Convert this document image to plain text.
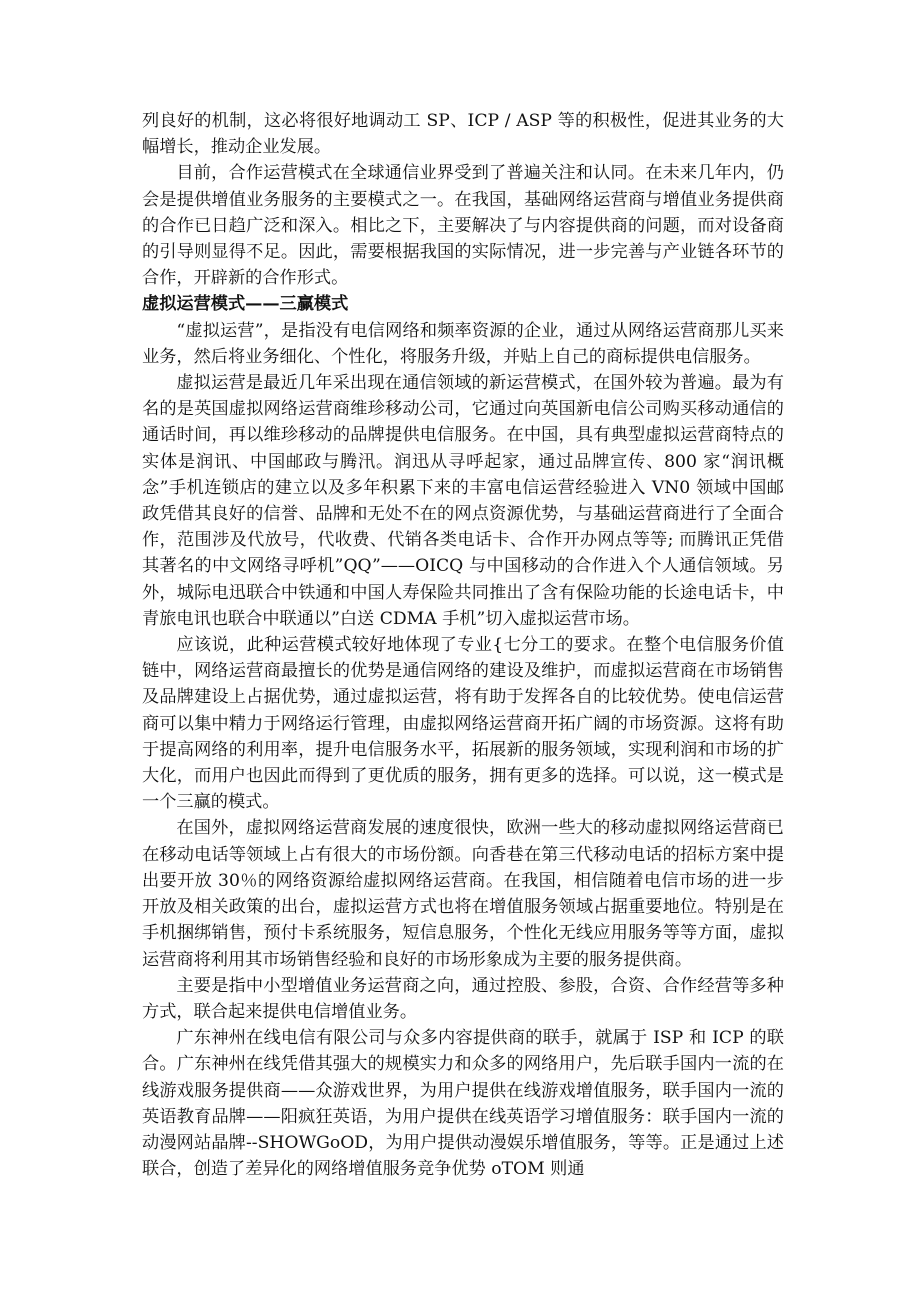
列良好的机制，这必将很好地调动工 SP、ICP / ASP 等的积极性，促进其业务的大幅增长，推动企业发展。

目前，合作运营模式在全球通信业界受到了普遍关注和认同。在未来几年内，仍会是提供增值业务服务的主要模式之一。在我国，基础网络运营商与增值业务提供商的合作已日趋广泛和深入。相比之下，主要解决了与内容提供商的问题，而对设备商的引导则显得不足。因此，需要根据我国的实际情况，进一步完善与产业链各环节的合作，开辟新的合作形式。

虚拟运营模式——三赢模式

“虚拟运营”，是指没有电信网络和频率资源的企业，通过从网络运营商那儿买来业务，然后将业务细化、个性化，将服务升级，并贴上自己的商标提供电信服务。

虚拟运营是最近几年采出现在通信领域的新运营模式，在国外较为普遍。最为有名的是英国虚拟网络运营商维珍移动公司，它通过向英国新电信公司购买移动通信的通话时间，再以维珍移动的品牌提供电信服务。在中国，具有典型虚拟运营商特点的实体是润讯、中国邮政与腾汛。润迅从寻呼起家，通过品牌宣传、800 家“润讯概念”手机连锁店的建立以及多年积累下来的丰富电信运营经验进入 VN0 领域中国邮政凭借其良好的信誉、品牌和无处不在的网点资源优势，与基础运营商进行了全面合作，范围涉及代放号，代收费、代销各类电话卡、合作开办网点等等; 而腾讯正凭借其著名的中文网络寻呼机”QQ”——OICQ 与中国移动的合作进入个人通信领域。另外，城际电迅联合中铁通和中国人寿保险共同推出了含有保险功能的长途电话卡，中青旅电讯也联合中联通以”白送 CDMA 手机”切入虚拟运营市场。

应该说，此种运营模式较好地体现了专业{七分工的要求。在整个电信服务价值链中，网络运营商最擅长的优势是通信网络的建设及维护，而虚拟运营商在市场销售及品牌建设上占据优势，通过虚拟运营，将有助于发挥各自的比较优势。使电信运营商可以集中精力于网络运行管理，由虚拟网络运营商开拓广阔的市场资源。这将有助于提高网络的利用率，提升电信服务水平，拓展新的服务领域，实现利润和市场的扩大化，而用户也因此而得到了更优质的服务，拥有更多的选择。可以说，这一模式是一个三赢的模式。

在国外，虚拟网络运营商发展的速度很快，欧洲一些大的移动虚拟网络运营商已在移动电话等领域上占有很大的市场份额。向香巷在第三代移动电话的招标方案中提出要开放 30％的网络资源给虚拟网络运营商。在我国，相信随着电信市场的进一步开放及相关政策的出台，虚拟运营方式也将在增值服务领域占据重要地位。特别是在手机捆绑销售，预付卡系统服务，短信息服务，个性化无线应用服务等等方面，虚拟运营商将利用其市场销售经验和良好的市场形象成为主要的服务提供商。

主要是指中小型增值业务运营商之向，通过控股、参股，合资、合作经营等多种方式，联合起来提供电信增值业务。

广东神州在线电信有限公司与众多内容提供商的联手，就属于 ISP 和 ICP 的联合。广东神州在线凭借其强大的规模实力和众多的网络用户，先后联手国内一流的在线游戏服务提供商——众游戏世界，为用户提供在线游戏增值服务，联手国内一流的英语教育品牌——阳疯狂英语，为用户提供在线英语学习增值服务：联手国内一流的动漫网站晶牌--SHOWGoOD，为用户提供动漫娱乐增值服务，等等。正是通过上述联合，创造了差异化的网络增值服务竞争优势 oTOM 则通
